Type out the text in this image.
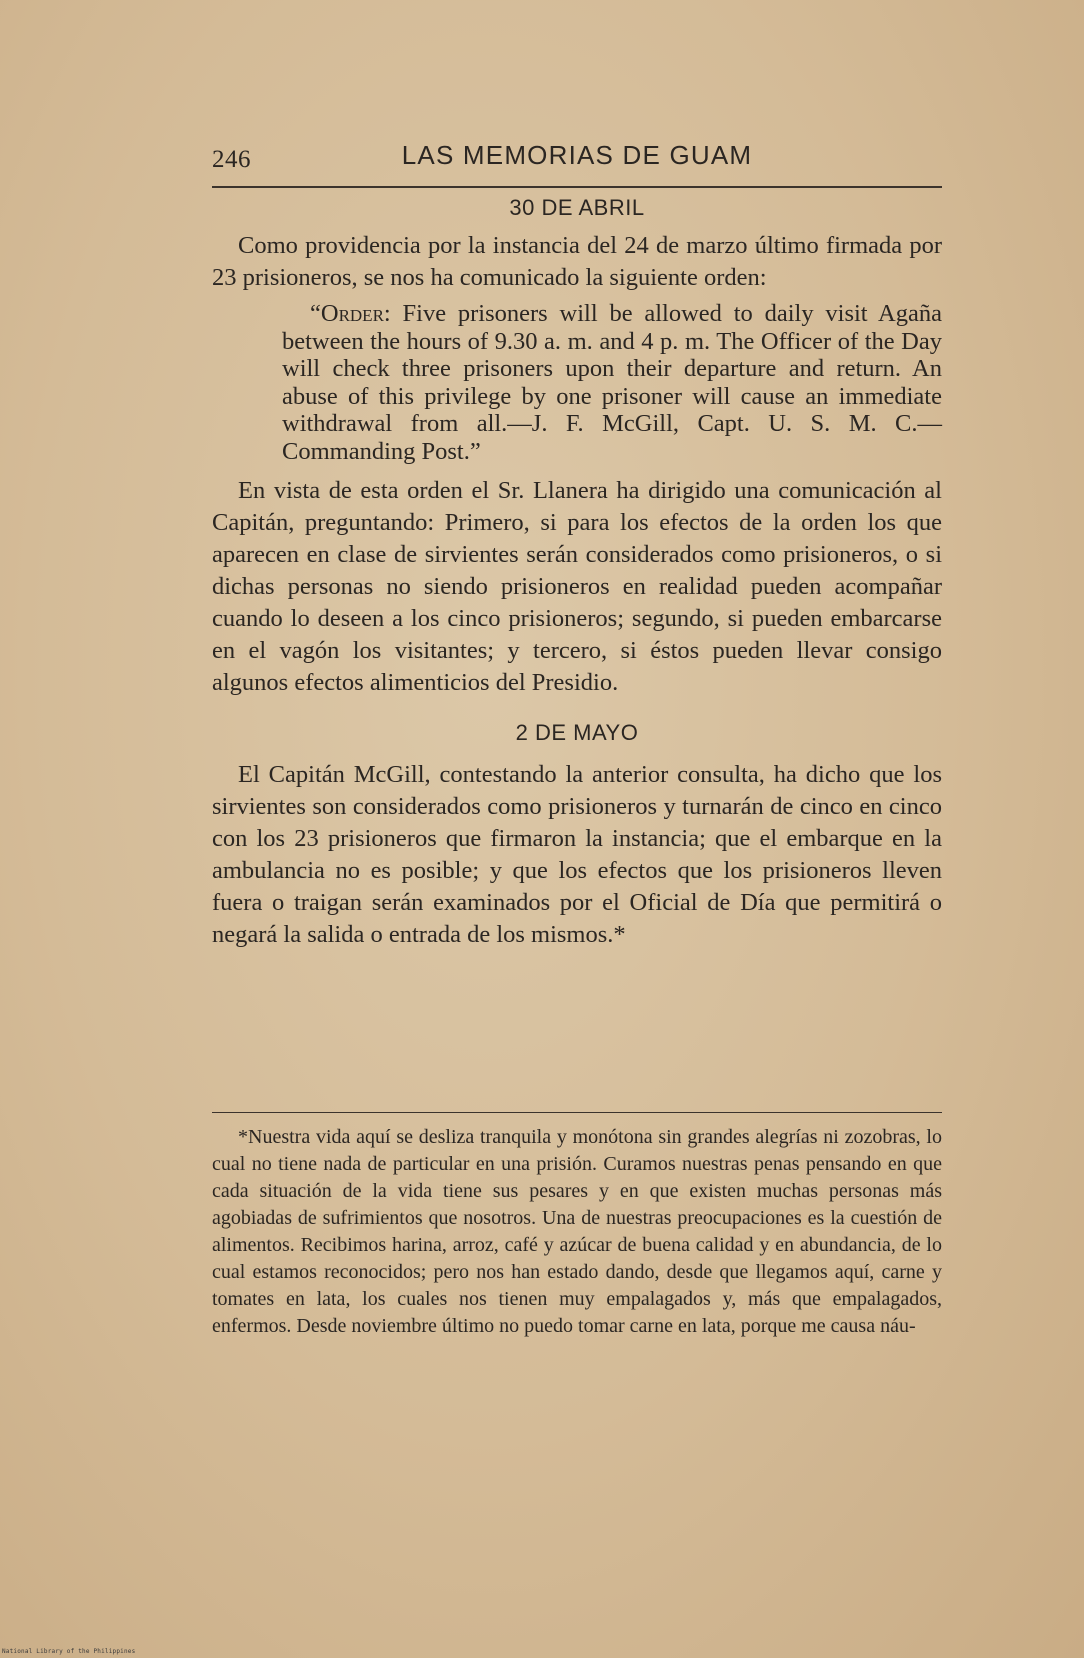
246	LAS MEMORIAS DE GUAM

30 DE ABRIL

Como providencia por la instancia del 24 de marzo último firmada por 23 prisioneros, se nos ha comunicado la siguiente orden:

“Order: Five prisoners will be allowed to daily visit Agaña between the hours of 9.30 a. m. and 4 p. m. The Officer of the Day will check three prisoners upon their departure and return. An abuse of this privilege by one prisoner will cause an immediate withdrawal from all.—J. F. McGill, Capt. U. S. M. C.—Commanding Post.”

En vista de esta orden el Sr. Llanera ha dirigido una comunicación al Capitán, preguntando: Primero, si para los efectos de la orden los que aparecen en clase de sirvientes serán considerados como prisioneros, o si dichas personas no siendo prisioneros en realidad pueden acompañar cuando lo deseen a los cinco prisioneros; segundo, si pueden embarcarse en el vagón los visitantes; y tercero, si éstos pueden llevar consigo algunos efectos alimenticios del Presidio.

2 DE MAYO

El Capitán McGill, contestando la anterior consulta, ha dicho que los sirvientes son considerados como prisioneros y turnarán de cinco en cinco con los 23 prisioneros que firmaron la instancia; que el embarque en la ambulancia no es posible; y que los efectos que los prisioneros lleven fuera o traigan serán examinados por el Oficial de Día que permitirá o negará la salida o entrada de los mismos.*

*Nuestra vida aquí se desliza tranquila y monótona sin grandes alegrías ni zozobras, lo cual no tiene nada de particular en una prisión. Curamos nuestras penas pensando en que cada situación de la vida tiene sus pesares y en que existen muchas personas más agobiadas de sufrimientos que nosotros. Una de nuestras preocupaciones es la cuestión de alimentos. Recibimos harina, arroz, café y azúcar de buena calidad y en abundancia, de lo cual estamos reconocidos; pero nos han estado dando, desde que llegamos aquí, carne y tomates en lata, los cuales nos tienen muy empalagados y, más que empalagados, enfermos. Desde noviembre último no puedo tomar carne en lata, porque me causa náu-

National Library of the Philippines
